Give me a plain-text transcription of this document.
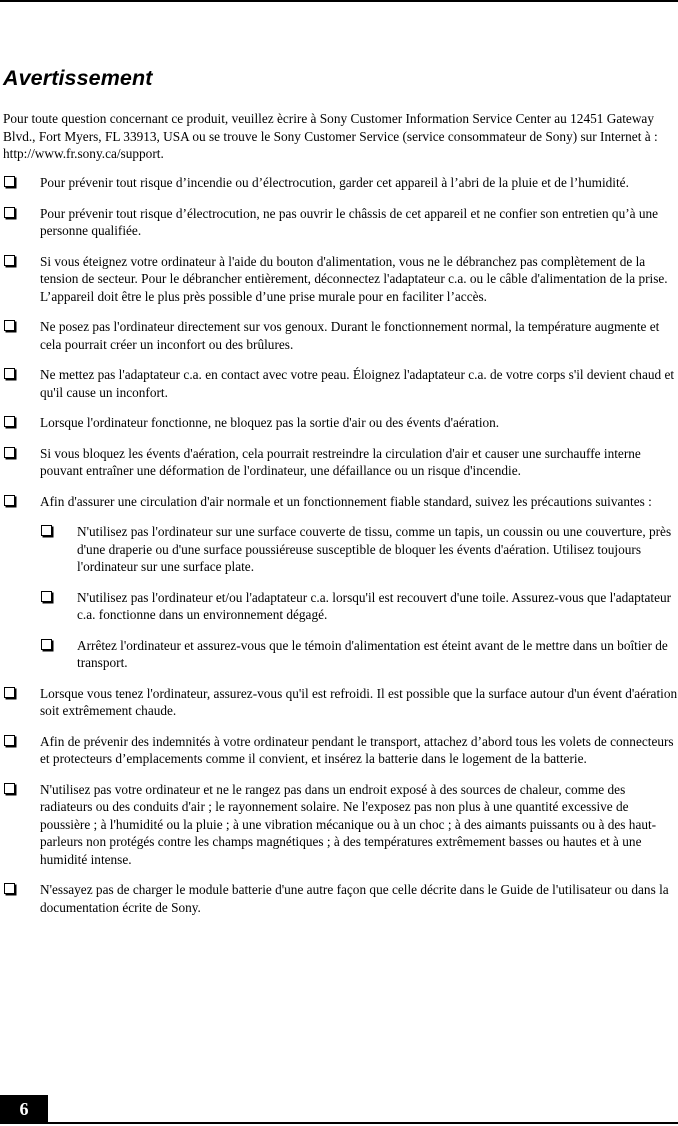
Avertissement

Pour toute question concernant ce produit, veuillez ècrire à Sony Customer Information Service Center au 12451 Gateway Blvd., Fort Myers, FL 33913, USA ou se trouve le Sony Customer Service (service consommateur de Sony) sur Internet à : http://www.fr.sony.ca/support.

Pour prévenir tout risque d’incendie ou d’électrocution, garder cet appareil à l’abri de la pluie et de l’humidité.
Pour prévenir tout risque d’électrocution, ne pas ouvrir le châssis de cet appareil et ne confier son entretien qu’à une personne qualifiée.
Si vous éteignez votre ordinateur à l'aide du bouton d'alimentation, vous ne le débranchez pas complètement de la tension de secteur. Pour le débrancher entièrement, déconnectez l'adaptateur c.a. ou le câble d'alimentation de la prise. L’appareil doit être le plus près possible d’une prise murale pour en faciliter l’accès.
Ne posez pas l'ordinateur directement sur vos genoux. Durant le fonctionnement normal, la température augmente et cela pourrait créer un inconfort ou des brûlures.
Ne mettez pas l'adaptateur c.a. en contact avec votre peau. Éloignez l'adaptateur c.a. de votre corps s'il devient chaud et qu'il cause un inconfort.
Lorsque l'ordinateur fonctionne, ne bloquez pas la sortie d'air ou des évents d'aération.
Si vous bloquez les évents d'aération, cela pourrait restreindre la circulation d'air et causer une surchauffe interne pouvant entraîner une déformation de l'ordinateur, une défaillance ou un risque d'incendie.
Afin d'assurer une circulation d'air normale et un fonctionnement fiable standard, suivez les précautions suivantes :
N'utilisez pas l'ordinateur sur une surface couverte de tissu, comme un tapis, un coussin ou une couverture, près d'une draperie ou d'une surface poussiéreuse susceptible de bloquer les évents d'aération. Utilisez toujours l'ordinateur sur une surface plate.
N'utilisez pas l'ordinateur et/ou l'adaptateur c.a. lorsqu'il est recouvert d'une toile. Assurez-vous que l'adaptateur c.a. fonctionne dans un environnement dégagé.
Arrêtez l'ordinateur et assurez-vous que le témoin d'alimentation est éteint avant de le mettre dans un boîtier de transport.
Lorsque vous tenez l'ordinateur, assurez-vous qu'il est refroidi. Il est possible que la surface autour d'un évent d'aération soit extrêmement chaude.
Afin de prévenir des indemnités à votre ordinateur pendant le transport, attachez d’abord tous les volets de connecteurs et protecteurs d’emplacements comme il convient, et insérez la batterie dans le logement de la batterie.
N'utilisez pas votre ordinateur et ne le rangez pas dans un endroit exposé à des sources de chaleur, comme des radiateurs ou des conduits d'air ; le rayonnement solaire. Ne l'exposez pas non plus à une quantité excessive de poussière ; à l'humidité ou la pluie ; à une vibration mécanique ou à un choc ; à des aimants puissants ou à des haut-parleurs non protégés contre les champs magnétiques ; à des températures extrêmement basses ou hautes et à une humidité intense.
N'essayez pas de charger le module batterie d'une autre façon que celle décrite dans le Guide de l'utilisateur ou dans la documentation écrite de Sony.
6
